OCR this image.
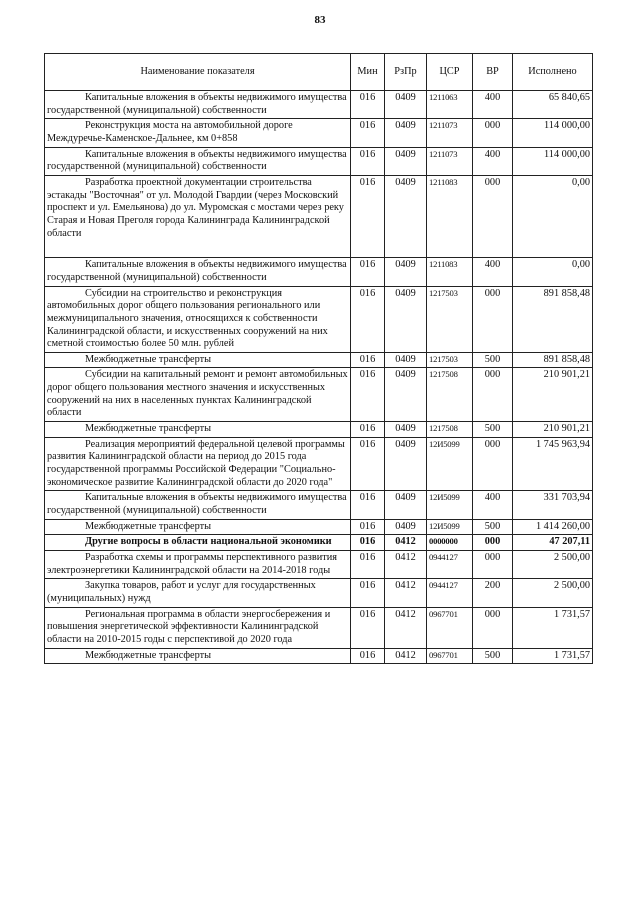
83
Наименование показателя	Мин	РзПр	ЦСР	ВР	Исполнено
Капитальные вложения в объекты недвижимого имущества государственной (муниципальной) собственности	016	0409	1211063	400	65 840,65
Реконструкция моста на автомобильной дороге Междуречье-Каменское-Дальнее, км 0+858	016	0409	1211073	000	114 000,00
Капитальные вложения в объекты недвижимого имущества государственной (муниципальной) собственности	016	0409	1211073	400	114 000,00
Разработка проектной документации строительства эстакады "Восточная" от ул. Молодой Гвардии (через Московский проспект и ул. Емельянова) до ул. Муромская с мостами через реку Старая и Новая Преголя города Калининграда Калининградской области	016	0409	1211083	000	0,00
Капитальные вложения в объекты недвижимого имущества государственной (муниципальной) собственности	016	0409	1211083	400	0,00
Субсидии на строительство и реконструкция автомобильных дорог общего пользования регионального или межмуниципального значения, относящихся к собственности Калининградской области, и искусственных сооружений на них сметной стоимостью более 50 млн. рублей	016	0409	1217503	000	891 858,48
Межбюджетные трансферты	016	0409	1217503	500	891 858,48
Субсидии на капитальный ремонт и ремонт автомобильных дорог общего пользования местного значения и искусственных сооружений на них в населенных пунктах Калининградской области	016	0409	1217508	000	210 901,21
Межбюджетные трансферты	016	0409	1217508	500	210 901,21
Реализация мероприятий федеральной целевой программы развития Калининградской области на период до 2015 года государственной программы Российской Федерации "Социально-экономическое развитие Калининградской области до 2020 года"	016	0409	12И5099	000	1 745 963,94
Капитальные вложения в объекты недвижимого имущества государственной (муниципальной) собственности	016	0409	12И5099	400	331 703,94
Межбюджетные трансферты	016	0409	12И5099	500	1 414 260,00
Другие вопросы в области национальной экономики	016	0412	0000000	000	47 207,11
Разработка схемы и программы перспективного развития электроэнергетики Калининградской области на 2014-2018 годы	016	0412	0944127	000	2 500,00
Закупка товаров, работ и услуг для государственных (муниципальных) нужд	016	0412	0944127	200	2 500,00
Региональная программа в области энергосбережения и повышения энергетической эффективности Калининградской области на 2010-2015 годы с перспективой до 2020 года	016	0412	0967701	000	1 731,57
Межбюджетные трансферты	016	0412	0967701	500	1 731,57
